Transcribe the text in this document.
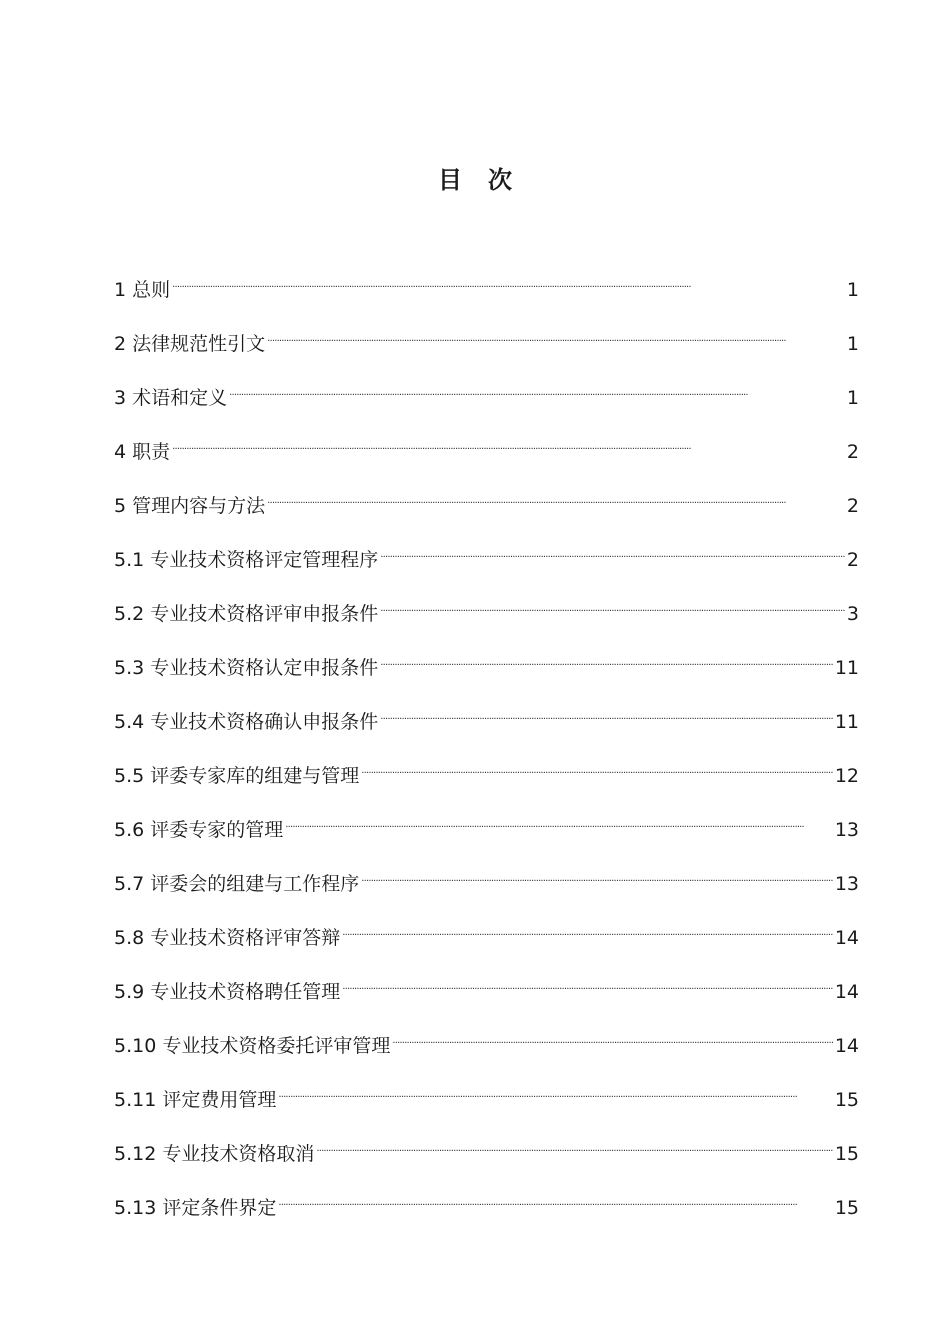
目 次
1 总则 . . .	1
2 法律规范性引文 . . .	1
3 术语和定义 . . .	1
4 职责 . . .	2
5 管理内容与方法 . . .	2
5.1 专业技术资格评定管理程序 . . .	2
5.2 专业技术资格评审申报条件 . . .	3
5.3 专业技术资格认定申报条件 . . .	11
5.4 专业技术资格确认申报条件 . . .	11
5.5 评委专家库的组建与管理 . . .	12
5.6 评委专家的管理 . . .	13
5.7 评委会的组建与工作程序 . . .	13
5.8 专业技术资格评审答辩 . . .	14
5.9 专业技术资格聘任管理 . . .	14
5.10 专业技术资格委托评审管理 . . .	14
5.11 评定费用管理 . . .	15
5.12 专业技术资格取消 . . .	15
5.13 评定条件界定 . . .	15
